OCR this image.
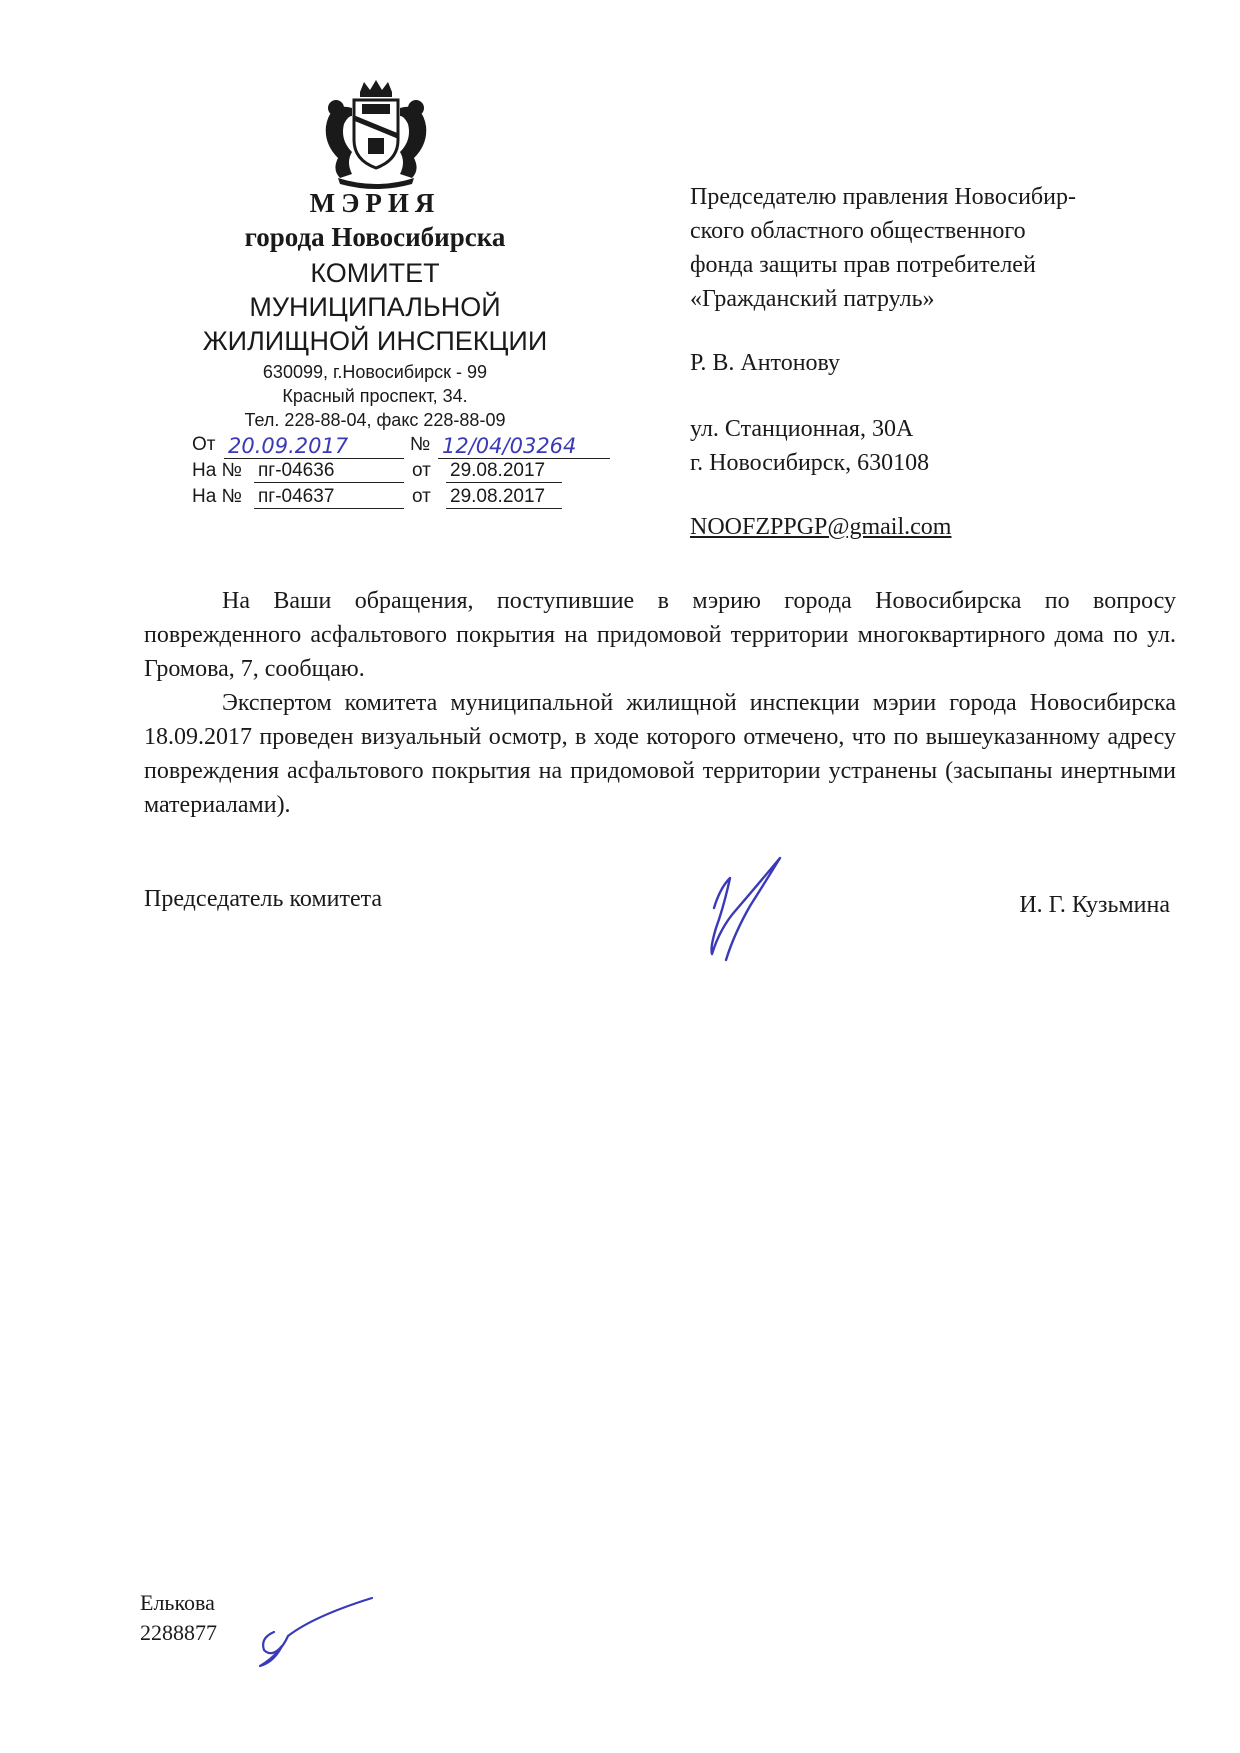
МЭРИЯ
города Новосибирска
КОМИТЕТ
МУНИЦИПАЛЬНОЙ
ЖИЛИЩНОЙ ИНСПЕКЦИИ
630099, г.Новосибирск - 99
Красный проспект, 34.
Тел. 228-88-04, факс 228-88-09
От 20.09.2017	№ 12/04/03264
На № пг-04636	от 29.08.2017
На № пг-04637	от 29.08.2017
Председателю правления Новосибир-
ского областного общественного
фонда защиты прав потребителей
«Гражданский патруль»
Р. В. Антонову
ул. Станционная, 30А
г. Новосибирск, 630108
NOOFZPPGP@gmail.com

На Ваши обращения, поступившие в мэрию города Новосибирска по вопросу поврежденного асфальтового покрытия на придомовой территории многоквартирного дома по ул. Громова, 7, сообщаю.

Экспертом комитета муниципальной жилищной инспекции мэрии города Новосибирска 18.09.2017 проведен визуальный осмотр, в ходе которого отмечено, что по вышеуказанному адресу повреждения асфальтового покрытия на придомовой территории устранены (засыпаны инертными материалами).

Председатель комитета	И. Г. Кузьмина
Елькова
2288877
